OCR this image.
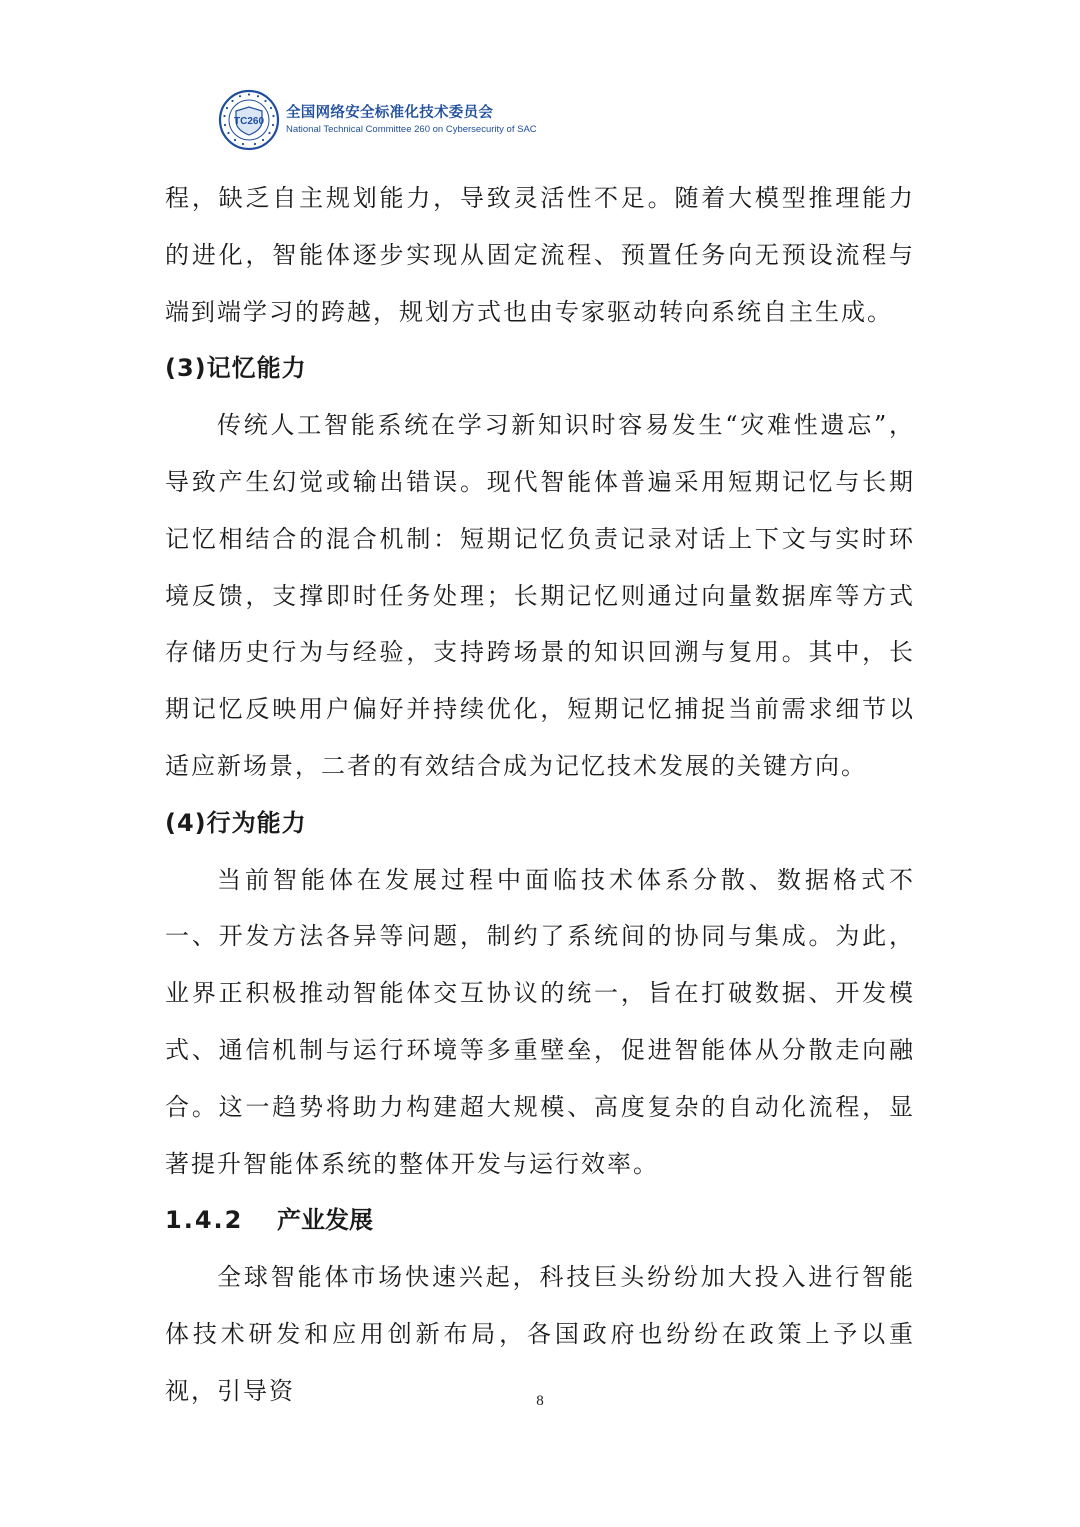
TC260
全国网络安全标准化技术委员会
National Technical Committee 260 on Cybersecurity of SAC

程，缺乏自主规划能力，导致灵活性不足。随着大模型推理能力的进化，智能体逐步实现从固定流程、预置任务向无预设流程与端到端学习的跨越，规划方式也由专家驱动转向系统自主生成。

(3)记忆能力

传统人工智能系统在学习新知识时容易发生“灾难性遗忘”，导致产生幻觉或输出错误。现代智能体普遍采用短期记忆与长期记忆相结合的混合机制：短期记忆负责记录对话上下文与实时环境反馈，支撑即时任务处理；长期记忆则通过向量数据库等方式存储历史行为与经验，支持跨场景的知识回溯与复用。其中，长期记忆反映用户偏好并持续优化，短期记忆捕捉当前需求细节以适应新场景，二者的有效结合成为记忆技术发展的关键方向。

(4)行为能力

当前智能体在发展过程中面临技术体系分散、数据格式不一、开发方法各异等问题，制约了系统间的协同与集成。为此，业界正积极推动智能体交互协议的统一，旨在打破数据、开发模式、通信机制与运行环境等多重壁垒，促进智能体从分散走向融合。这一趋势将助力构建超大规模、高度复杂的自动化流程，显著提升智能体系统的整体开发与运行效率。

1.4.2	产业发展

全球智能体市场快速兴起，科技巨头纷纷加大投入进行智能体技术研发和应用创新布局，各国政府也纷纷在政策上予以重视，引导资	8
